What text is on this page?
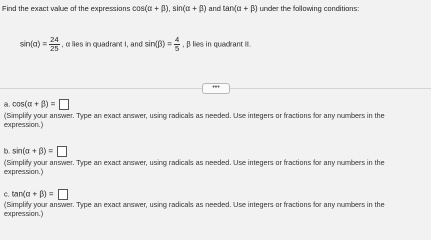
Find the exact value of the expressions cos(α + β), sin(α + β) and tan(α + β) under the following conditions:
$\sin(\alpha) = \frac{24}{25}$ , α lies in quadrant I, and $\sin(\beta) = \frac{4}{5}$ , β lies in quadrant II.
•••
a. cos(α + β) =
(Simplify your answer. Type an exact answer, using radicals as needed. Use integers or fractions for any numbers in the expression.)
b. sin(α + β) =
(Simplify your answer. Type an exact answer, using radicals as needed. Use integers or fractions for any numbers in the expression.)
c. tan(α + β) =
(Simplify your answer. Type an exact answer, using radicals as needed. Use integers or fractions for any numbers in the expression.)
